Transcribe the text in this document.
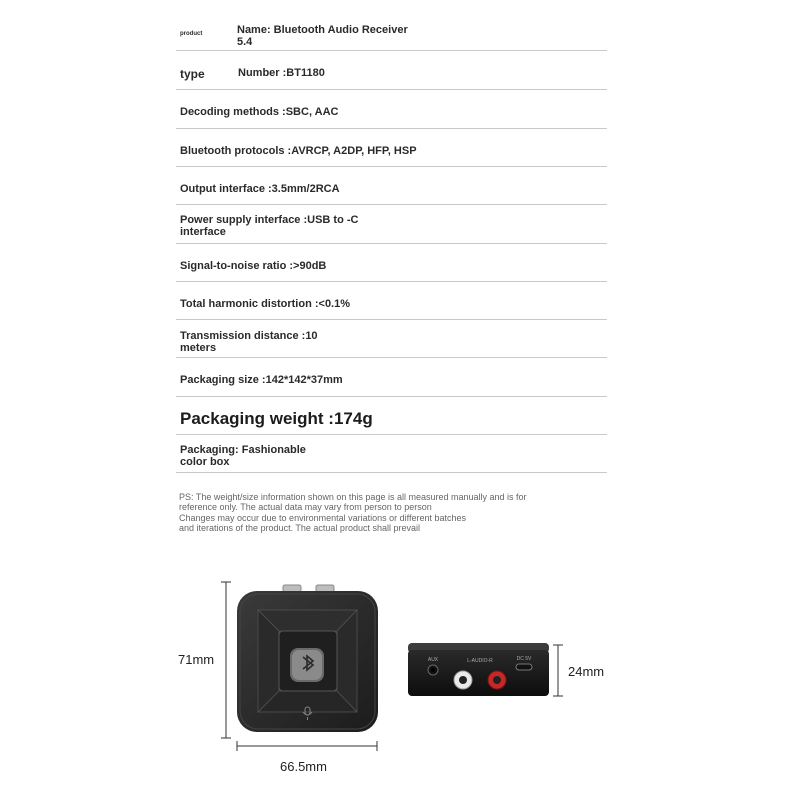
product	Name: Bluetooth Audio Receiver
5.4
type	Number :BT1180
Decoding methods :SBC, AAC
Bluetooth protocols :AVRCP, A2DP, HFP, HSP
Output interface :3.5mm/2RCA
Power supply interface :USB to -C
interface
Signal-to-noise ratio :>90dB
Total harmonic distortion :<0.1%
Transmission distance :10
meters
Packaging size :142*142*37mm
Packaging weight :174g
Packaging: Fashionable
color box
PS: The weight/size information shown on this page is all measured manually and is for
reference only. The actual data may vary from person to person
Changes may occur due to environmental variations or different batches
and iterations of the product. The actual product shall prevail
AUX	L-AUDIO-R	DC 5V
71mm
66.5mm
24mm
